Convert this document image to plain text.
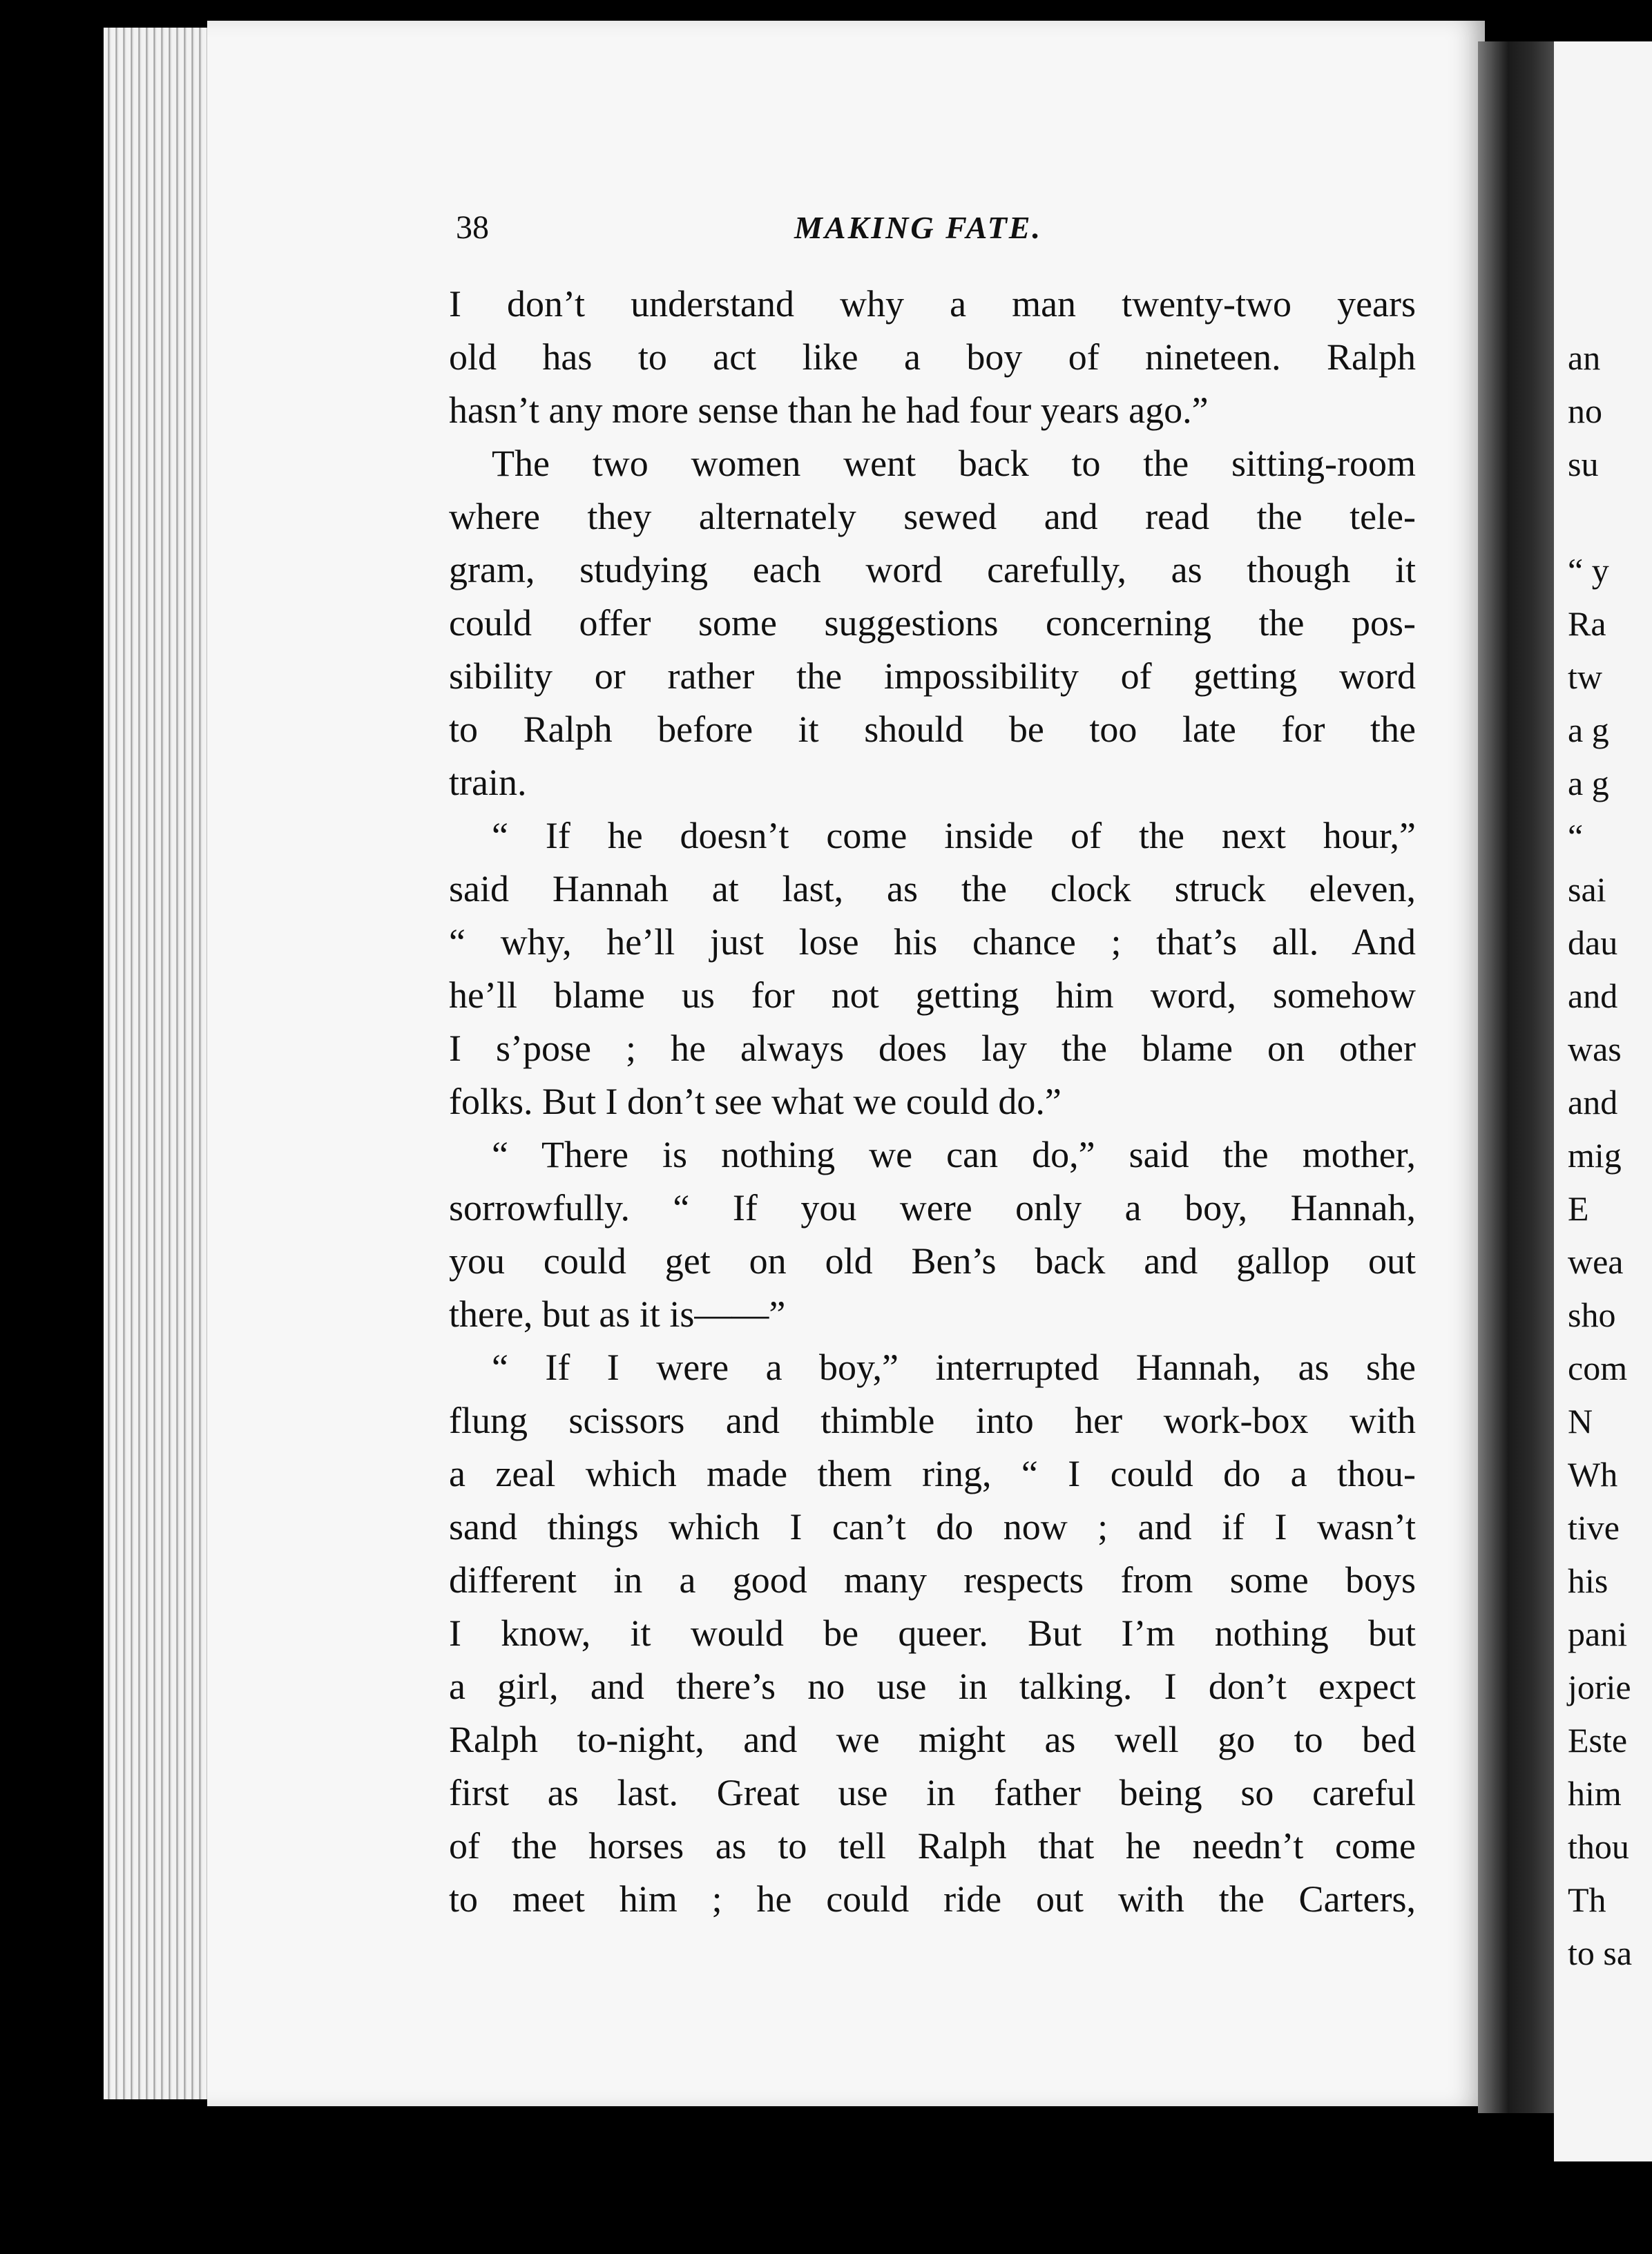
an
no
su
“ y
Ra
tw
a g
a g
“
sai
dau
and
was
and
mig
E
wea
sho
com
N
Wh
tive
his
pani
jorie
Este
him
thou
Th
to sa
38	MAKING FATE.
I don’t understand why a man twenty-two years
old has to act like a boy of nineteen. Ralph
hasn’t any more sense than he had four years ago.”
The two women went back to the sitting-room
where they alternately sewed and read the tele-
gram, studying each word carefully, as though it
could offer some suggestions concerning the pos-
sibility or rather the impossibility of getting word
to Ralph before it should be too late for the
train.
“ If he doesn’t come inside of the next hour,”
said Hannah at last, as the clock struck eleven,
“ why, he’ll just lose his chance ; that’s all. And
he’ll blame us for not getting him word, somehow
I s’pose ; he always does lay the blame on other
folks. But I don’t see what we could do.”
“ There is nothing we can do,” said the mother,
sorrowfully. “ If you were only a boy, Hannah,
you could get on old Ben’s back and gallop out
there, but as it is——”
“ If I were a boy,” interrupted Hannah, as she
flung scissors and thimble into her work-box with
a zeal which made them ring, “ I could do a thou-
sand things which I can’t do now ; and if I wasn’t
different in a good many respects from some boys
I know, it would be queer. But I’m nothing but
a girl, and there’s no use in talking. I don’t expect
Ralph to-night, and we might as well go to bed
first as last. Great use in father being so careful
of the horses as to tell Ralph that he needn’t come
to meet him ; he could ride out with the Carters,
